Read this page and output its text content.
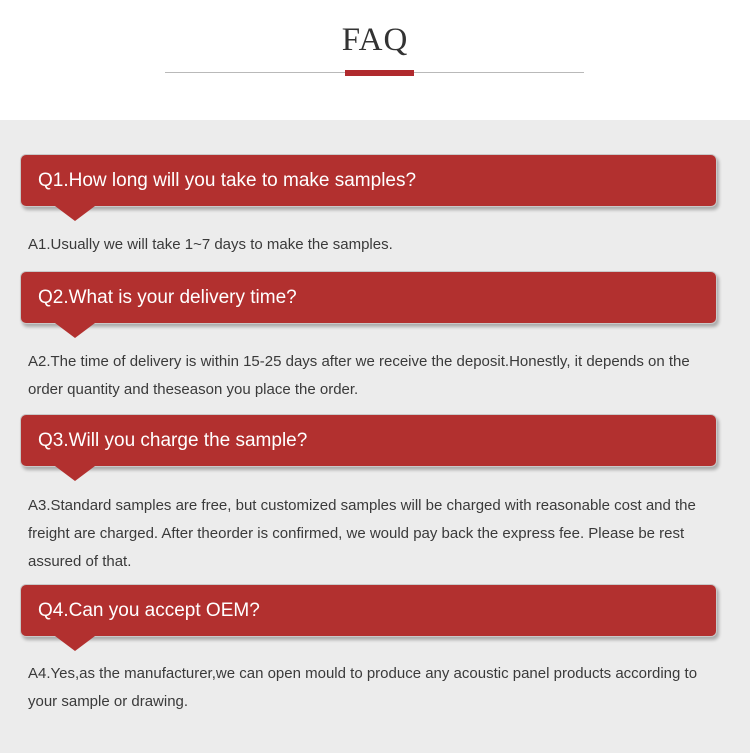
FAQ
Q1.How long will you take to make samples?
A1.Usually we will take 1~7 days to make the samples.
Q2.What is your delivery time?
A2.The time of delivery is within 15-25 days after we receive the deposit.Honestly, it depends on the order quantity and theseason you place the order.
Q3.Will you charge the sample?
A3.Standard samples are free, but customized samples will be charged with reasonable cost and the freight are charged. After theorder is confirmed, we would pay back the express fee. Please be rest assured of that.
Q4.Can you accept OEM?
A4.Yes,as the manufacturer,we can open mould to produce any acoustic panel products according to your sample or drawing.
